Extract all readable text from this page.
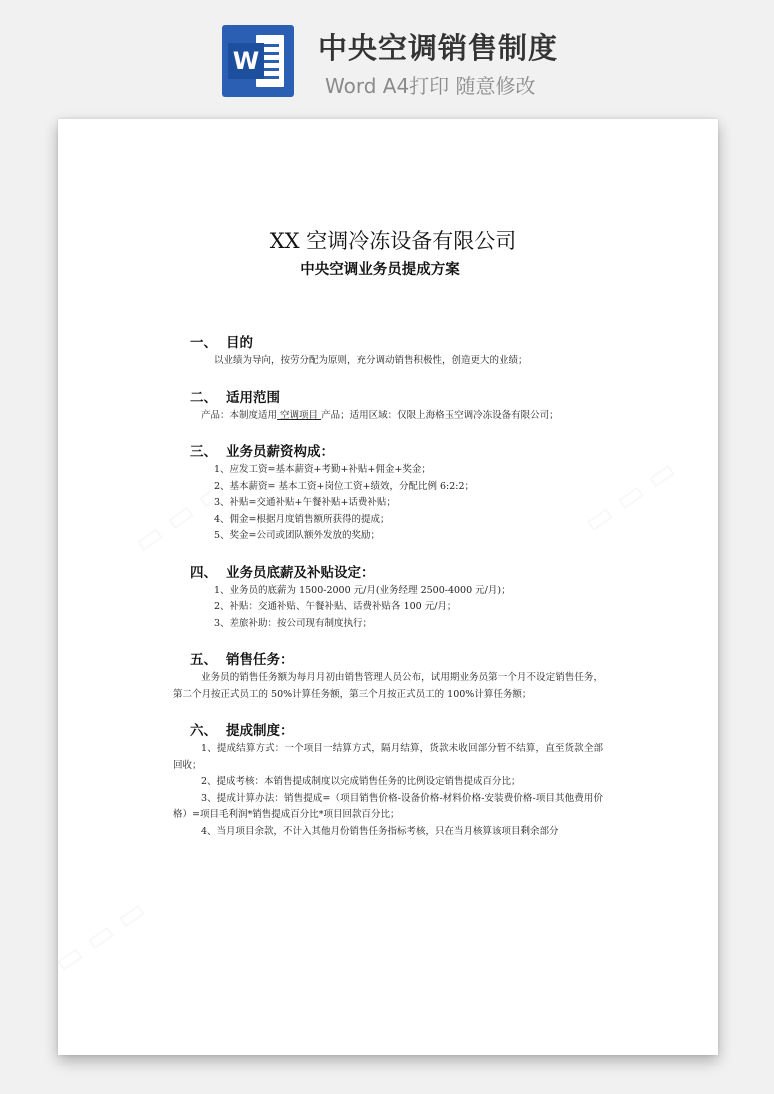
W 中央空调销售制度
Word A4打印 随意修改
▭ ▭ ▭	▭ ▭ ▭
▭ ▭ ▭
XX 空调冷冻设备有限公司
中央空调业务员提成方案
一、 目的
以业绩为导向，按劳分配为原则，充分调动销售积极性，创造更大的业绩；
二、 适用范围
产品：本制度适用 空调项目 产品；适用区域：仅限上海格玉空调冷冻设备有限公司；
三、 业务员薪资构成：
1、应发工资=基本薪资+考勤+补贴+佣金+奖金；
2、基本薪资= 基本工资+岗位工资+绩效，分配比例 6:2:2；
3、补贴=交通补贴+午餐补贴+话费补贴；
4、佣金=根据月度销售额所获得的提成；
5、奖金=公司或团队额外发放的奖励；
四、 业务员底薪及补贴设定：
1、业务员的底薪为 1500-2000 元/月(业务经理 2500-4000 元/月)；
2、补贴：交通补贴、午餐补贴、话费补贴各 100 元/月；
3、差旅补助：按公司现有制度执行；
五、 销售任务：
业务员的销售任务额为每月月初由销售管理人员公布，试用期业务员第一个月不设定销售任务，第二个月按正式员工的 50%计算任务额，第三个月按正式员工的 100%计算任务额；
六、 提成制度：
1、提成结算方式：一个项目一结算方式，隔月结算，货款未收回部分暂不结算，直至货款全部回收；
2、提成考核：本销售提成制度以完成销售任务的比例设定销售提成百分比；
3、提成计算办法：销售提成=（项目销售价格-设备价格-材料价格-安装费价格-项目其他费用价格）=项目毛利润*销售提成百分比*项目回款百分比；
4、当月项目余款，不计入其他月份销售任务指标考核，只在当月核算该项目剩余部分
